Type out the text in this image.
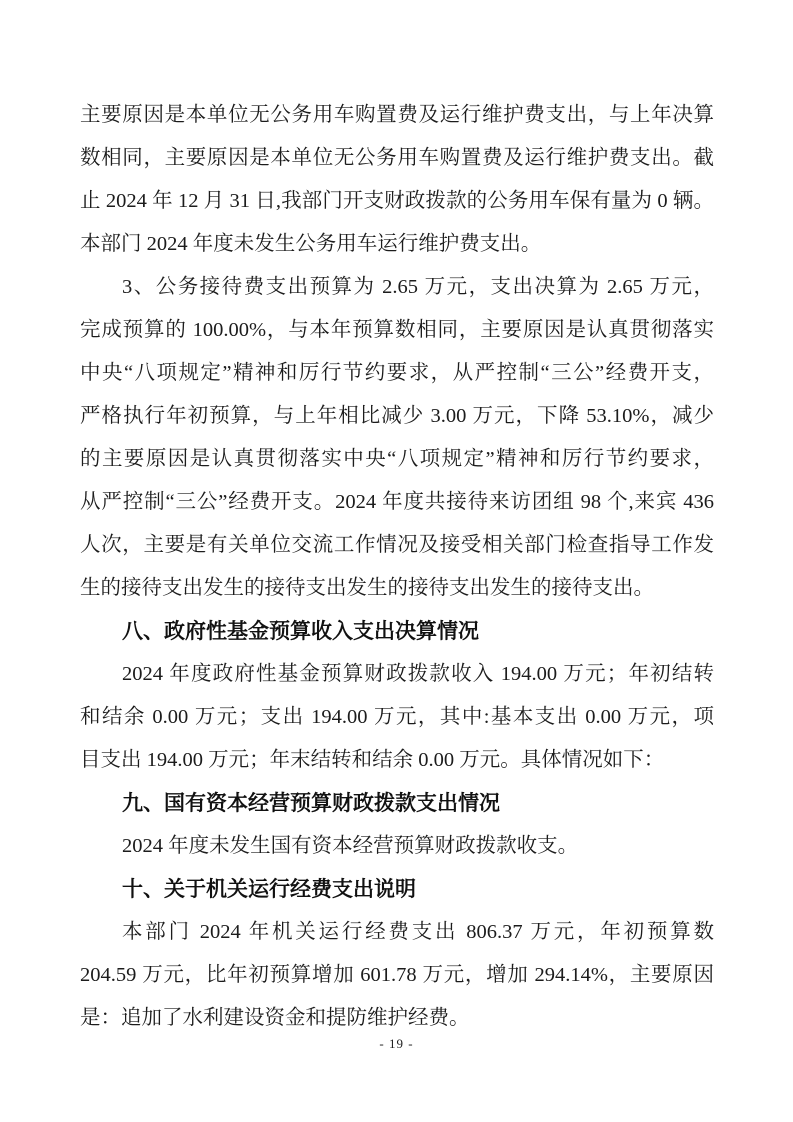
主要原因是本单位无公务用车购置费及运行维护费支出，与上年决算
数相同，主要原因是本单位无公务用车购置费及运行维护费支出。截
止 2024 年 12 月 31 日,我部门开支财政拨款的公务用车保有量为 0 辆。
本部门 2024 年度未发生公务用车运行维护费支出。
3、公务接待费支出预算为 2.65 万元，支出决算为 2.65 万元，
完成预算的 100.00%，与本年预算数相同，主要原因是认真贯彻落实
中央“八项规定”精神和厉行节约要求，从严控制“三公”经费开支，
严格执行年初预算，与上年相比减少 3.00 万元，下降 53.10%，减少
的主要原因是认真贯彻落实中央“八项规定”精神和厉行节约要求，
从严控制“三公”经费开支。2024 年度共接待来访团组 98 个,来宾 436
人次，主要是有关单位交流工作情况及接受相关部门检查指导工作发
生的接待支出发生的接待支出发生的接待支出发生的接待支出。
八、政府性基金预算收入支出决算情况
2024 年度政府性基金预算财政拨款收入 194.00 万元；年初结转
和结余 0.00 万元；支出 194.00 万元，其中:基本支出 0.00 万元，项
目支出 194.00 万元；年末结转和结余 0.00 万元。具体情况如下：
九、国有资本经营预算财政拨款支出情况
2024 年度未发生国有资本经营预算财政拨款收支。
十、关于机关运行经费支出说明
本部门 2024 年机关运行经费支出 806.37 万元，年初预算数
204.59 万元，比年初预算增加 601.78 万元，增加 294.14%，主要原因
是：追加了水利建设资金和提防维护经费。
- 19 -
